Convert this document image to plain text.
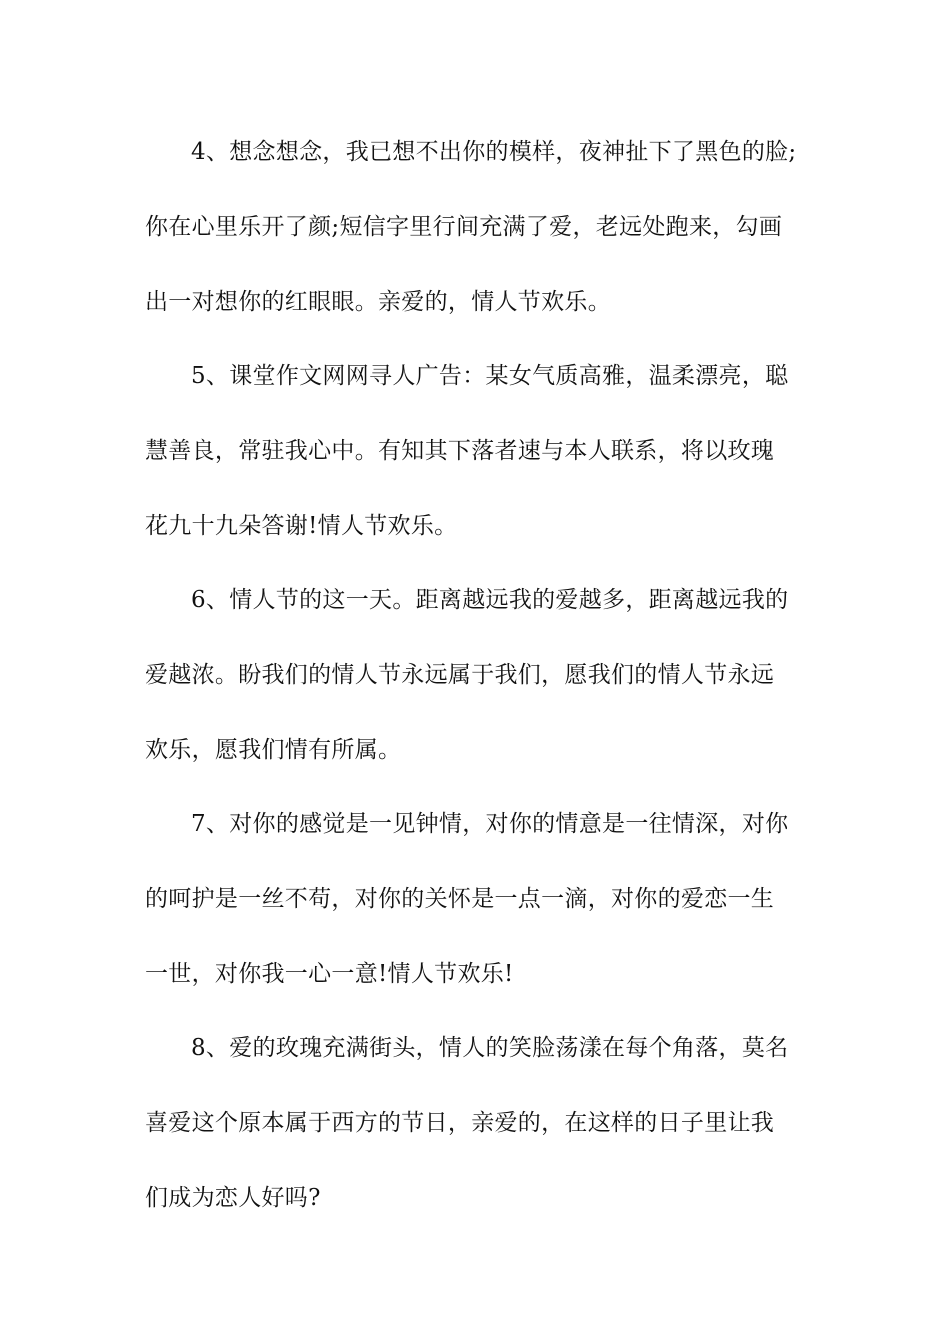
4、想念想念，我已想不出你的模样，夜神扯下了黑色的脸;
你在心里乐开了颜;短信字里行间充满了爱，老远处跑来，勾画
出一对想你的红眼眼。亲爱的，情人节欢乐。
5、课堂作文网网寻人广告：某女气质高雅，温柔漂亮，聪
慧善良，常驻我心中。有知其下落者速与本人联系，将以玫瑰
花九十九朵答谢!情人节欢乐。
6、情人节的这一天。距离越远我的爱越多，距离越远我的
爱越浓。盼我们的情人节永远属于我们，愿我们的情人节永远
欢乐，愿我们情有所属。
7、对你的感觉是一见钟情，对你的情意是一往情深，对你
的呵护是一丝不苟，对你的关怀是一点一滴，对你的爱恋一生
一世，对你我一心一意!情人节欢乐!
8、爱的玫瑰充满街头，情人的笑脸荡漾在每个角落，莫名
喜爱这个原本属于西方的节日，亲爱的，在这样的日子里让我
们成为恋人好吗?
